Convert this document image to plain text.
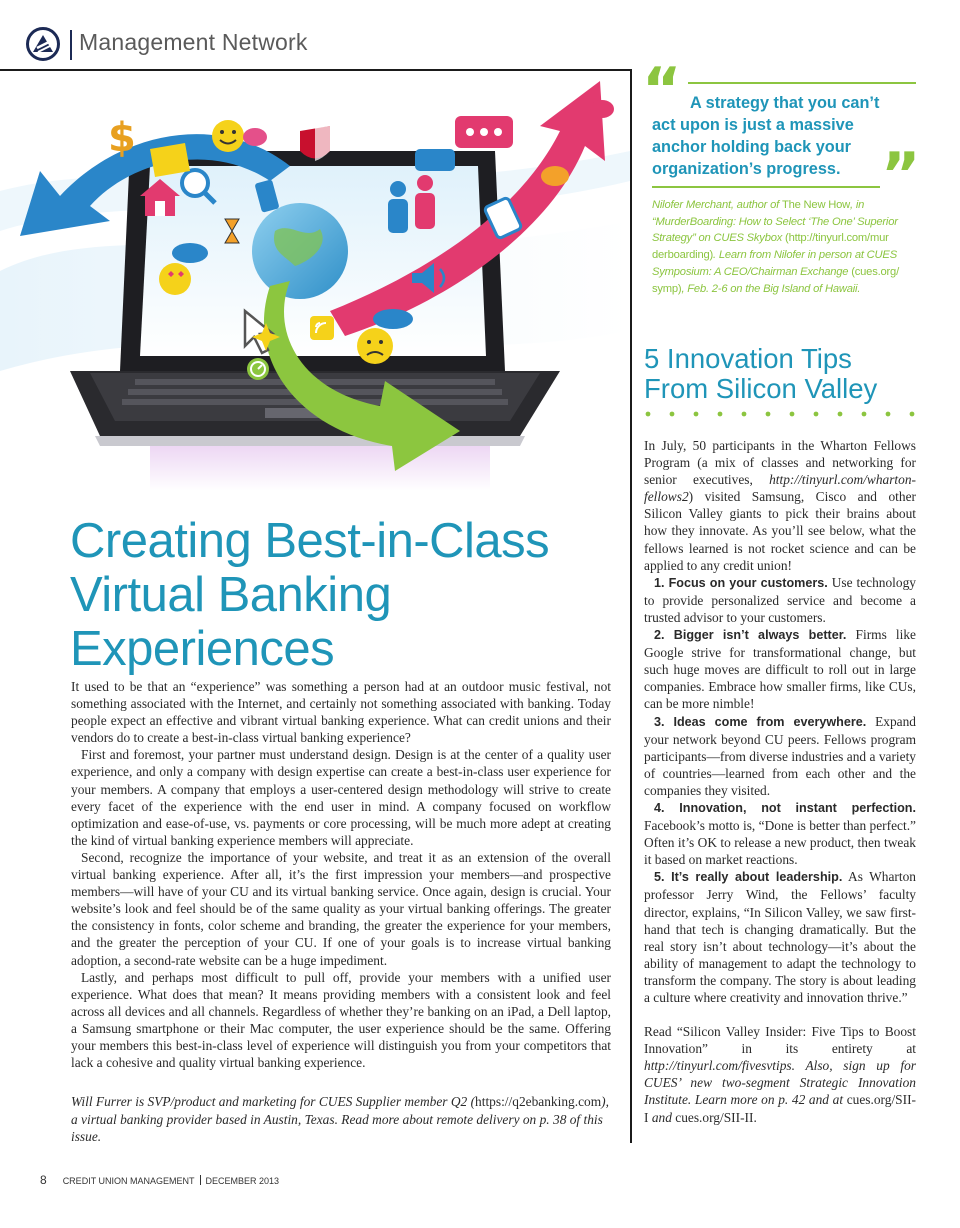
Management Network
$
Creating Best-in-Class
Virtual Banking
Experiences

It used to be that an “experience” was something a person had at an outdoor music festival, not something associated with the Internet, and certainly not something associated with banking. Today people expect an effective and vibrant virtual banking experience. What can credit unions and their vendors do to create a best-in-class virtual banking experience?

First and foremost, your partner must understand design. Design is at the center of a quality user experience, and only a company with design expertise can create a best-in-class user experience for your members. A company that employs a user-centered design methodology will strive to create every facet of the experience with the end user in mind. A company focused on workflow optimization and ease-of-use, vs. payments or core processing, will be much more adept at creating the kind of virtual banking experience members will appreciate.

Second, recognize the importance of your website, and treat it as an extension of the overall virtual banking experience. After all, it’s the first impression your members—and prospective members—will have of your CU and its virtual banking service. Once again, design is crucial. Your website’s look and feel should be of the same quality as your virtual banking offerings. The greater the consistency in fonts, color scheme and branding, the greater the experience for your members, and the greater the perception of your CU. If one of your goals is to increase virtual banking adoption, a second-rate website can be a huge impediment.

Lastly, and perhaps most difficult to pull off, provide your members with a unified user experience. What does that mean? It means providing members with a consistent look and feel across all devices and all channels. Regardless of whether they’re banking on an iPad, a Dell laptop, a Samsung smartphone or their Mac computer, the user experience should be the same. Offering your members this best-in-class level of experience will distinguish you from your competitors that lack a cohesive and quality virtual banking experience.

Will Furrer is SVP/product and marketing for CUES Supplier member Q2 (https://q2ebanking.com), a virtual banking provider based in Austin, Texas. Read more about remote delivery on p. 38 of this issue.
8 CREDIT UNION MANAGEMENT DECEMBER 2013
“ A strategy that you can’t
act upon is just a massive
anchor holding back your
organization’s progress. ”
Nilofer Merchant, author of The New How, in
“MurderBoarding: How to Select ‘The One’ Superior
Strategy” on CUES Skybox (http://tinyurl.com/mur
derboarding). Learn from Nilofer in person at CUES
Symposium: A CEO/Chairman Exchange (cues.org/
symp), Feb. 2-6 on the Big Island of Hawaii.
5 Innovation Tips
From Silicon Valley

In July, 50 participants in the Wharton Fellows Program (a mix of classes and networking for senior executives, http://tinyurl.com/wharton-fellows2) visited Samsung, Cisco and other Silicon Valley giants to pick their brains about how they innovate. As you’ll see below, what the fellows learned is not rocket science and can be applied to any credit union!

1. Focus on your customers. Use technology to provide personalized service and become a trusted advisor to your customers.

2. Bigger isn’t always better. Firms like Google strive for transformational change, but such huge moves are difficult to roll out in large companies. Embrace how smaller firms, like CUs, can be more nimble!

3. Ideas come from everywhere. Expand your network beyond CU peers. Fellows program participants—from diverse industries and a variety of countries—learned from each other and the companies they visited.

4. Innovation, not instant perfection. Facebook’s motto is, “Done is better than perfect.” Often it’s OK to release a new product, then tweak it based on market reactions.

5. It’s really about leadership. As Wharton professor Jerry Wind, the Fellows’ faculty director, explains, “In Silicon Valley, we saw first-hand that tech is changing dramatically. But the real story isn’t about technology—it’s about the ability of management to adapt the technology to transform the company. The story is about leading a culture where creativity and innovation thrive.”

Read “Silicon Valley Insider: Five Tips to Boost Innovation” in its entirety at http://tinyurl.com/fivesvtips. Also, sign up for CUES’ new two-segment Strategic Innovation Institute. Learn more on p. 42 and at cues.org/SII-I and cues.org/SII-II.
